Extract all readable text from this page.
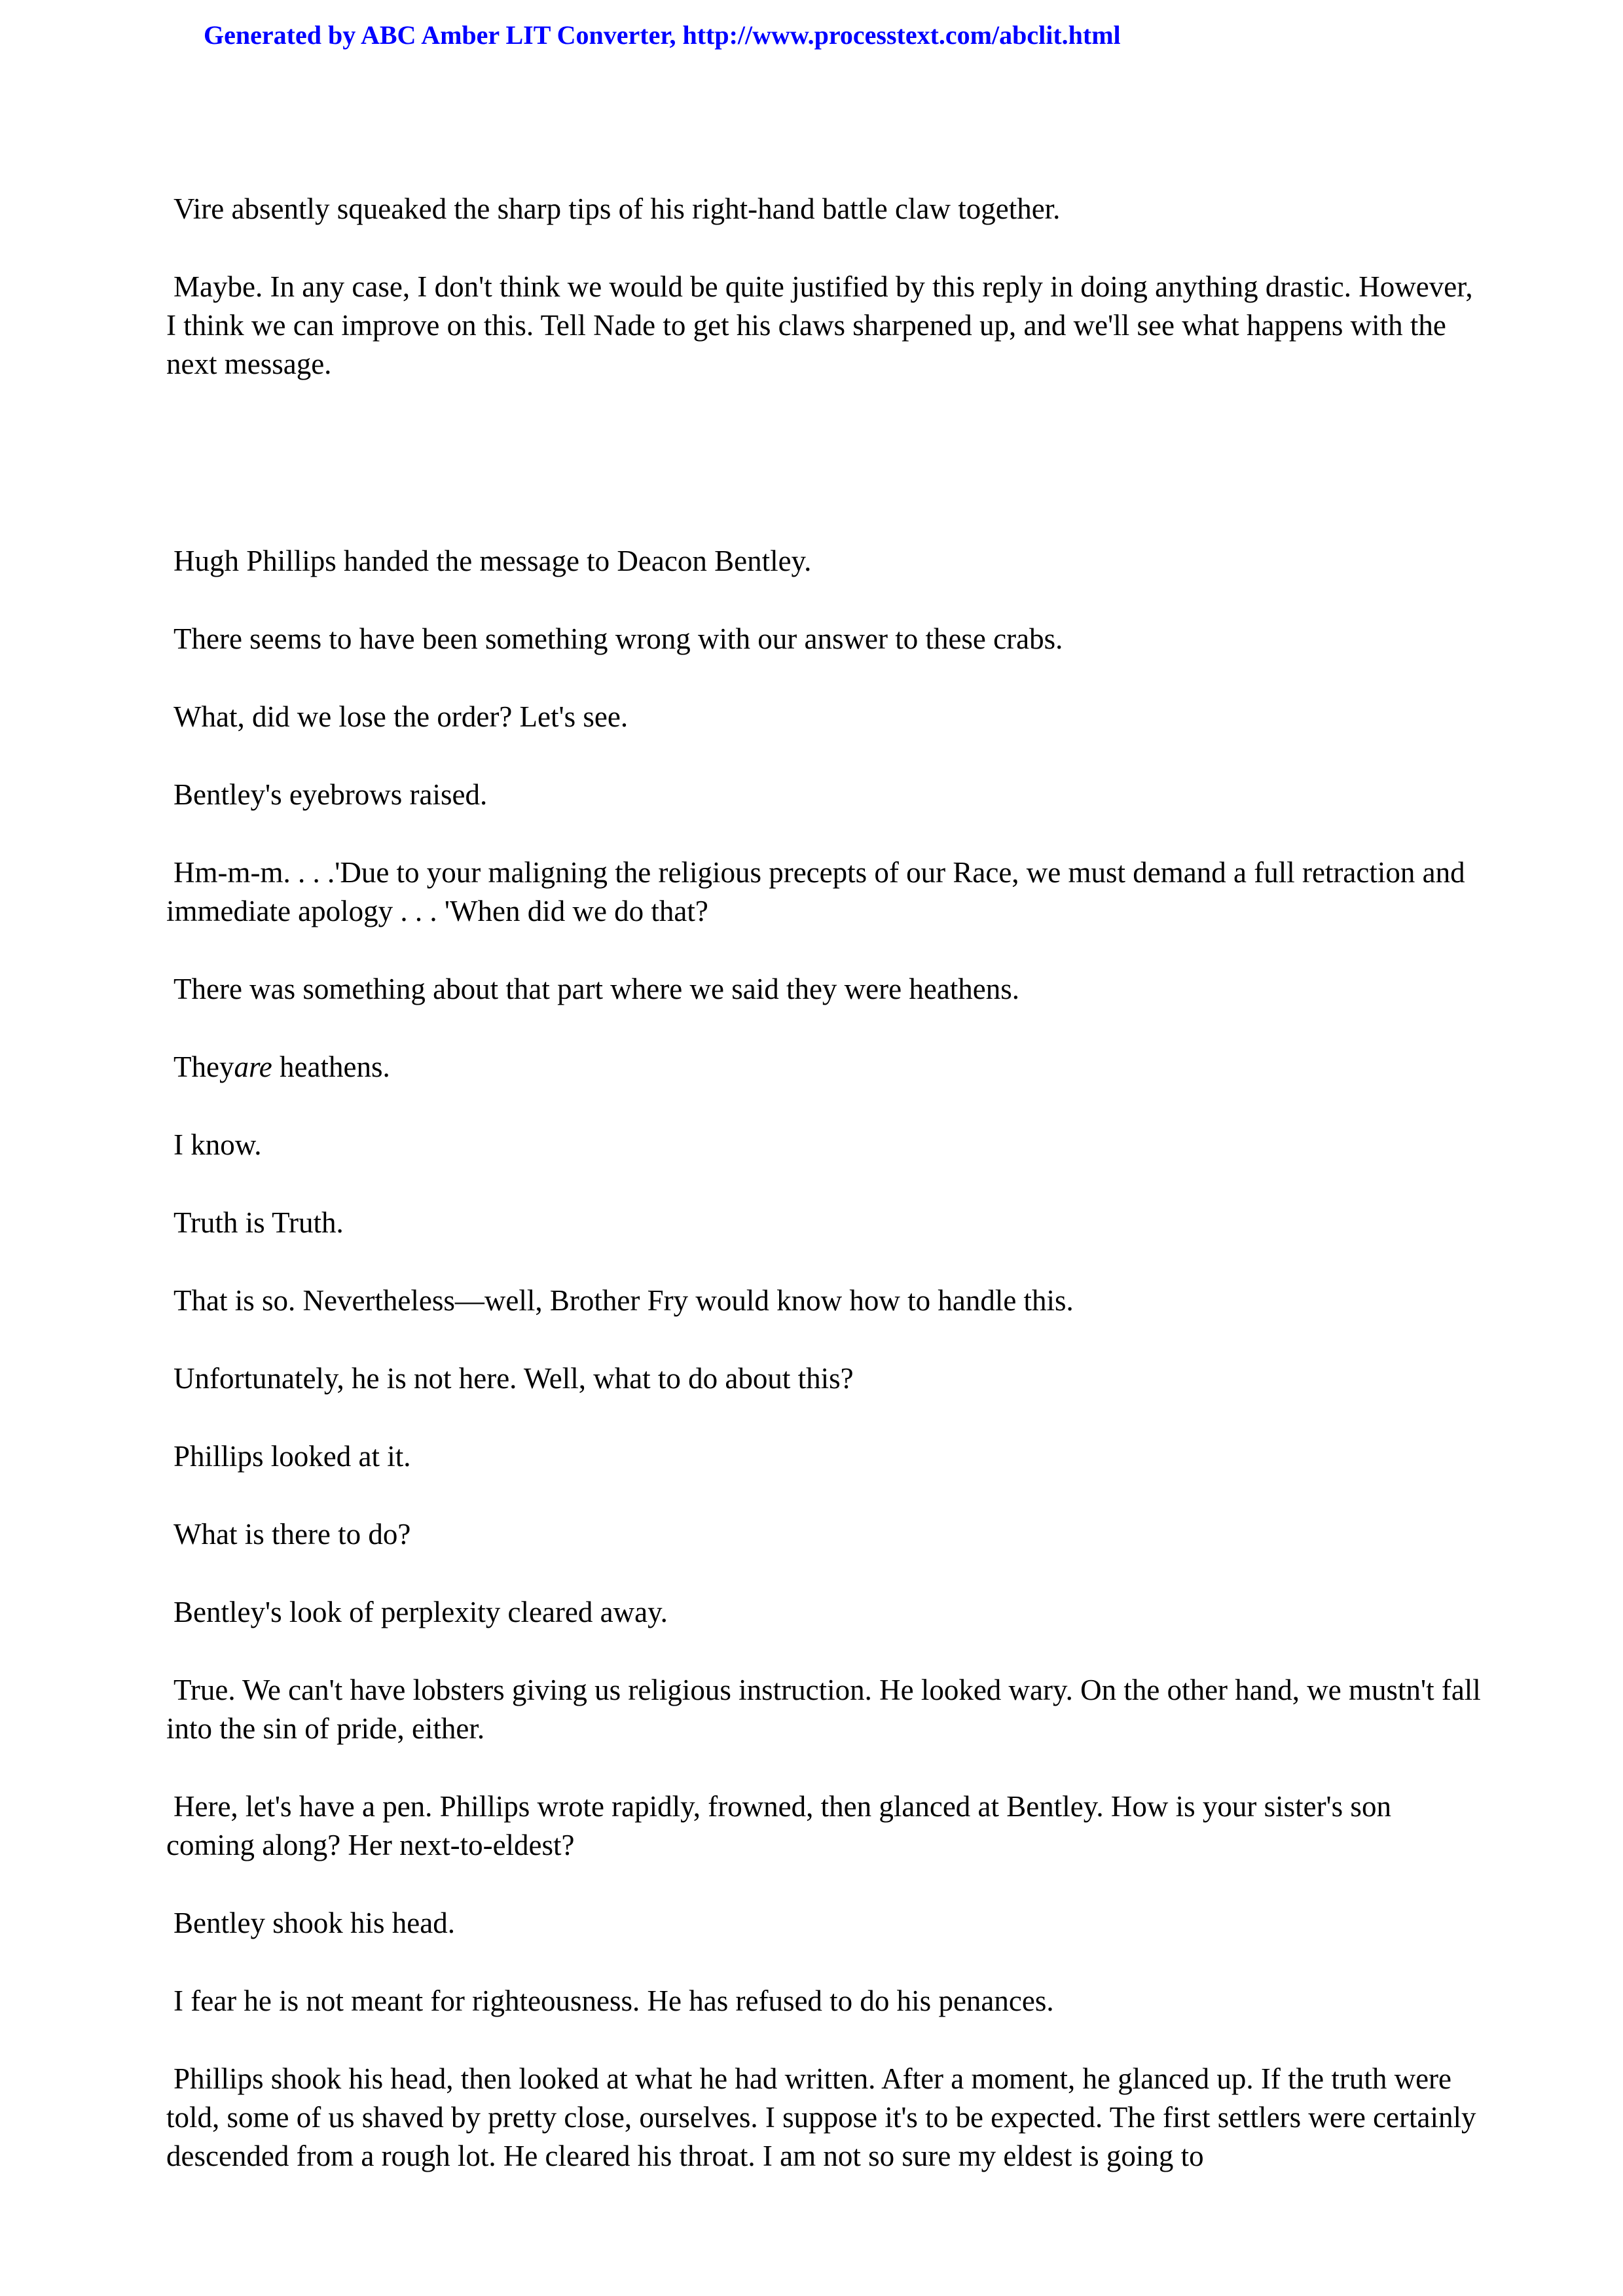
Generated by ABC Amber LIT Converter, http://www.processtext.com/abclit.html

Vire absently squeaked the sharp tips of his right-hand battle claw together.

Maybe. In any case, I don't think we would be quite justified by this reply in doing anything drastic. However, I think we can improve on this. Tell Nade to get his claws sharpened up, and we'll see what happens with the next message.

Hugh Phillips handed the message to Deacon Bentley.

There seems to have been something wrong with our answer to these crabs.

What, did we lose the order? Let's see.

Bentley's eyebrows raised.

Hm-m-m. . . .'Due to your maligning the religious precepts of our Race, we must demand a full retraction and immediate apology . . . 'When did we do that?

There was something about that part where we said they were heathens.

Theyare heathens.

I know.

Truth is Truth.

That is so. Nevertheless—well, Brother Fry would know how to handle this.

Unfortunately, he is not here. Well, what to do about this?

Phillips looked at it.

What is there to do?

Bentley's look of perplexity cleared away.

True. We can't have lobsters giving us religious instruction. He looked wary. On the other hand, we mustn't fall into the sin of pride, either.

Here, let's have a pen. Phillips wrote rapidly, frowned, then glanced at Bentley. How is your sister's son coming along? Her next-to-eldest?

Bentley shook his head.

I fear he is not meant for righteousness. He has refused to do his penances.

Phillips shook his head, then looked at what he had written. After a moment, he glanced up. If the truth were told, some of us shaved by pretty close, ourselves. I suppose it's to be expected. The first settlers were certainly descended from a rough lot. He cleared his throat. I am not so sure my eldest is going to
